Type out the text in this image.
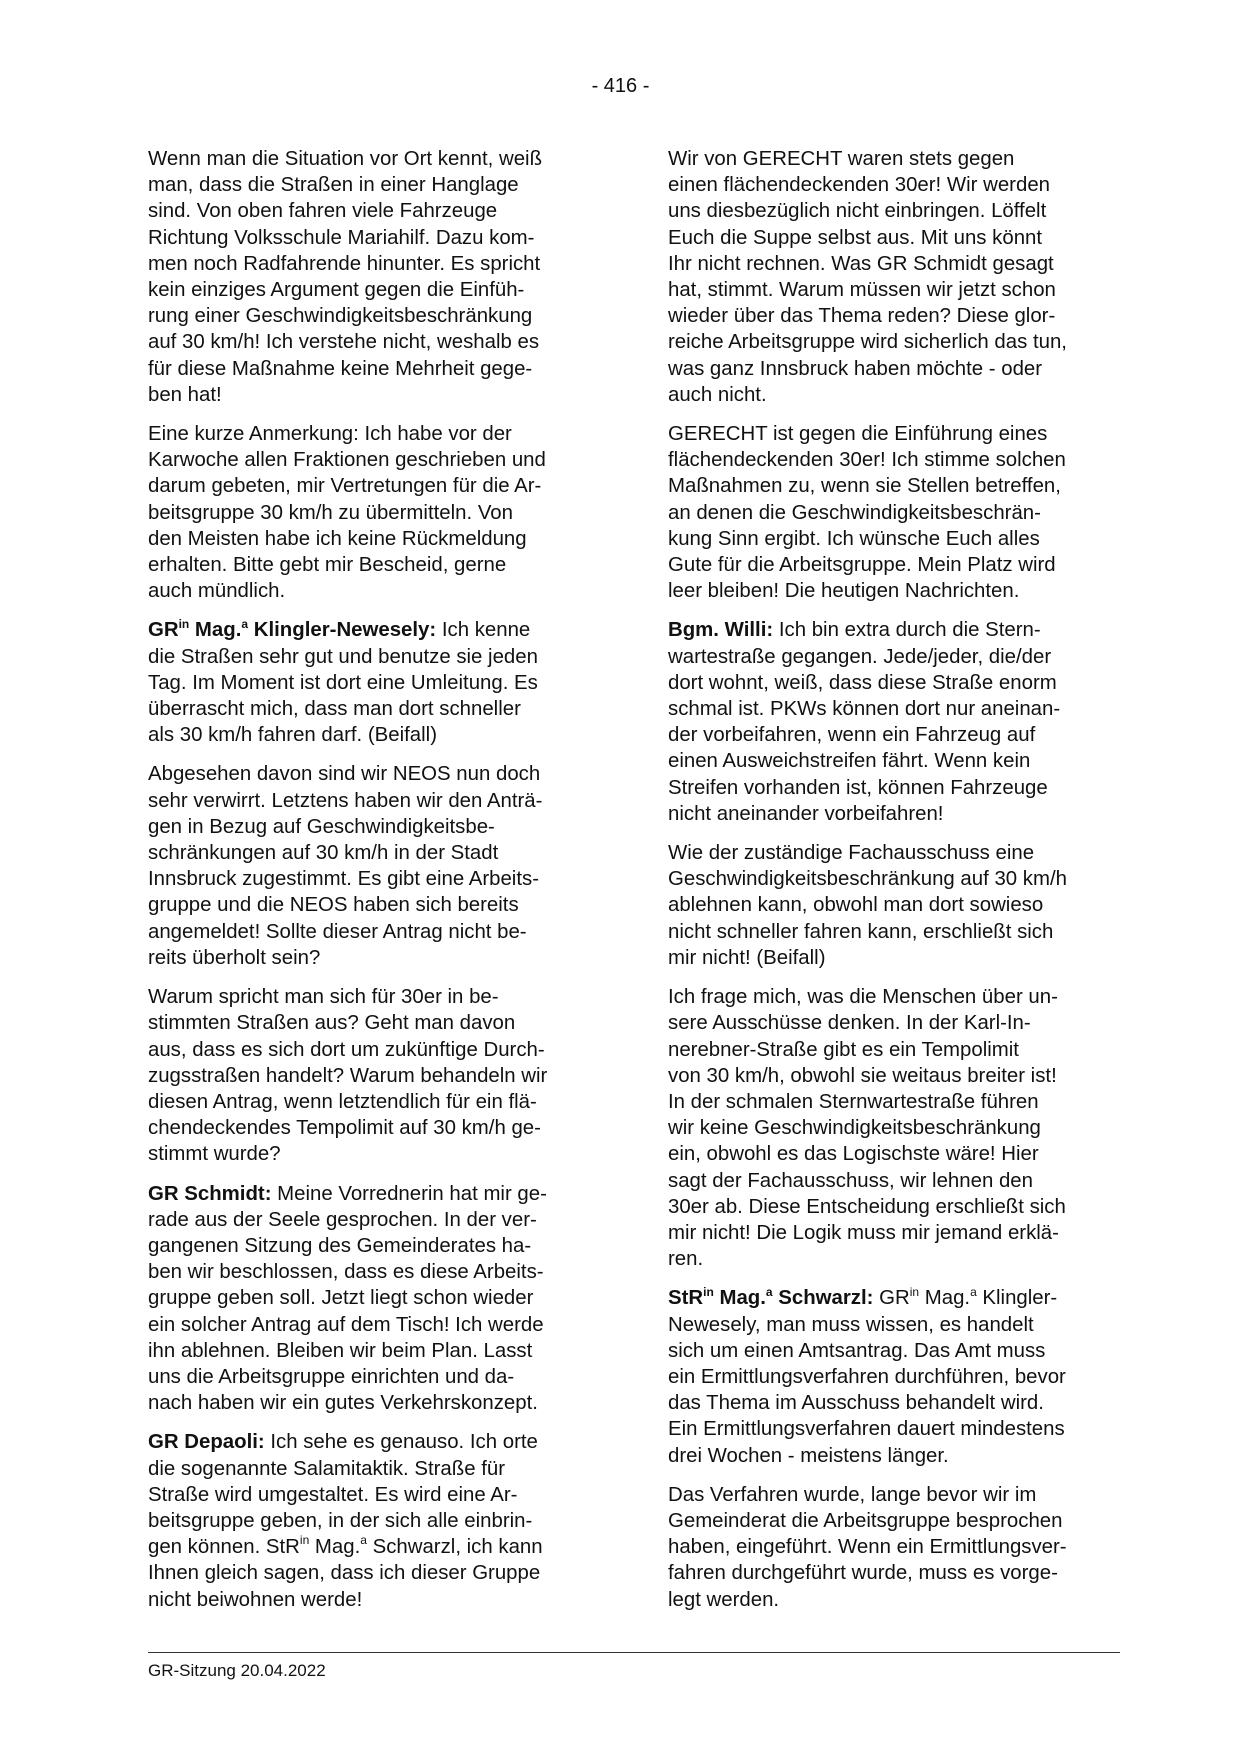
- 416 -

Wenn man die Situation vor Ort kennt, weiß
man, dass die Straßen in einer Hanglage
sind. Von oben fahren viele Fahrzeuge
Richtung Volksschule Mariahilf. Dazu kom-
men noch Radfahrende hinunter. Es spricht
kein einziges Argument gegen die Einfüh-
rung einer Geschwindigkeitsbeschränkung
auf 30 km/h! Ich verstehe nicht, weshalb es
für diese Maßnahme keine Mehrheit gege-
ben hat!

Eine kurze Anmerkung: Ich habe vor der
Karwoche allen Fraktionen geschrieben und
darum gebeten, mir Vertretungen für die Ar-
beitsgruppe 30 km/h zu übermitteln. Von
den Meisten habe ich keine Rückmeldung
erhalten. Bitte gebt mir Bescheid, gerne
auch mündlich.

$GR^{in}$ Mag.$^a$ Klingler-Newesely: Ich kenne
die Straßen sehr gut und benutze sie jeden
Tag. Im Moment ist dort eine Umleitung. Es
überrascht mich, dass man dort schneller
als 30 km/h fahren darf. (Beifall)

Abgesehen davon sind wir NEOS nun doch
sehr verwirrt. Letztens haben wir den Anträ-
gen in Bezug auf Geschwindigkeitsbe-
schränkungen auf 30 km/h in der Stadt
Innsbruck zugestimmt. Es gibt eine Arbeits-
gruppe und die NEOS haben sich bereits
angemeldet! Sollte dieser Antrag nicht be-
reits überholt sein?

Warum spricht man sich für 30er in be-
stimmten Straßen aus? Geht man davon
aus, dass es sich dort um zukünftige Durch-
zugsstraßen handelt? Warum behandeln wir
diesen Antrag, wenn letztendlich für ein flä-
chendeckendes Tempolimit auf 30 km/h ge-
stimmt wurde?

GR Schmidt: Meine Vorrednerin hat mir ge-
rade aus der Seele gesprochen. In der ver-
gangenen Sitzung des Gemeinderates ha-
ben wir beschlossen, dass es diese Arbeits-
gruppe geben soll. Jetzt liegt schon wieder
ein solcher Antrag auf dem Tisch! Ich werde
ihn ablehnen. Bleiben wir beim Plan. Lasst
uns die Arbeitsgruppe einrichten und da-
nach haben wir ein gutes Verkehrskonzept.

GR Depaoli: Ich sehe es genauso. Ich orte
die sogenannte Salamitaktik. Straße für
Straße wird umgestaltet. Es wird eine Ar-
beitsgruppe geben, in der sich alle einbrin-
gen können. StR$^{in}$ Mag.$^a$ Schwarzl, ich kann
Ihnen gleich sagen, dass ich dieser Gruppe
nicht beiwohnen werde!

Wir von GERECHT waren stets gegen
einen flächendeckenden 30er! Wir werden
uns diesbezüglich nicht einbringen. Löffelt
Euch die Suppe selbst aus. Mit uns könnt
Ihr nicht rechnen. Was GR Schmidt gesagt
hat, stimmt. Warum müssen wir jetzt schon
wieder über das Thema reden? Diese glor-
reiche Arbeitsgruppe wird sicherlich das tun,
was ganz Innsbruck haben möchte - oder
auch nicht.

GERECHT ist gegen die Einführung eines
flächendeckenden 30er! Ich stimme solchen
Maßnahmen zu, wenn sie Stellen betreffen,
an denen die Geschwindigkeitsbeschrän-
kung Sinn ergibt. Ich wünsche Euch alles
Gute für die Arbeitsgruppe. Mein Platz wird
leer bleiben! Die heutigen Nachrichten.

Bgm. Willi: Ich bin extra durch die Stern-
wartestraße gegangen. Jede/jeder, die/der
dort wohnt, weiß, dass diese Straße enorm
schmal ist. PKWs können dort nur aneinan-
der vorbeifahren, wenn ein Fahrzeug auf
einen Ausweichstreifen fährt. Wenn kein
Streifen vorhanden ist, können Fahrzeuge
nicht aneinander vorbeifahren!

Wie der zuständige Fachausschuss eine
Geschwindigkeitsbeschränkung auf 30 km/h
ablehnen kann, obwohl man dort sowieso
nicht schneller fahren kann, erschließt sich
mir nicht! (Beifall)

Ich frage mich, was die Menschen über un-
sere Ausschüsse denken. In der Karl-In-
nerebner-Straße gibt es ein Tempolimit
von 30 km/h, obwohl sie weitaus breiter ist!
In der schmalen Sternwartestraße führen
wir keine Geschwindigkeitsbeschränkung
ein, obwohl es das Logischste wäre! Hier
sagt der Fachausschuss, wir lehnen den
30er ab. Diese Entscheidung erschließt sich
mir nicht! Die Logik muss mir jemand erklä-
ren.

StR$^{in}$ Mag.$^a$ Schwarzl: $GR^{in}$ Mag.$^a$ Klingler-
Newesely, man muss wissen, es handelt
sich um einen Amtsantrag. Das Amt muss
ein Ermittlungsverfahren durchführen, bevor
das Thema im Ausschuss behandelt wird.
Ein Ermittlungsverfahren dauert mindestens
drei Wochen - meistens länger.

Das Verfahren wurde, lange bevor wir im
Gemeinderat die Arbeitsgruppe besprochen
haben, eingeführt. Wenn ein Ermittlungsver-
fahren durchgeführt wurde, muss es vorge-
legt werden.

GR-Sitzung 20.04.2022
